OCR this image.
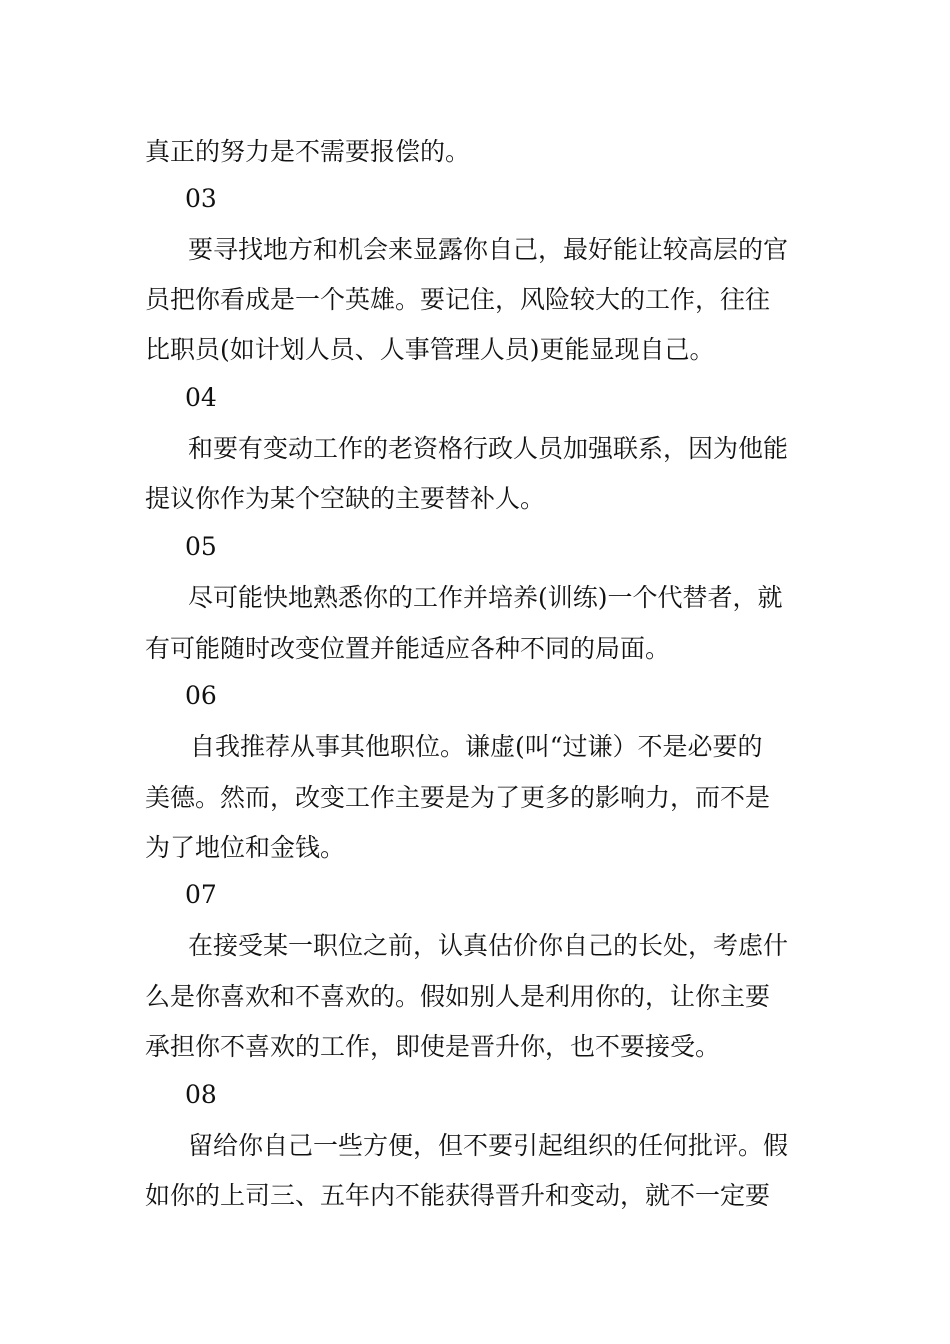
真正的努力是不需要报偿的。
03
要寻找地方和机会来显露你自己，最好能让较高层的官
员把你看成是一个英雄。要记住，风险较大的工作，往往
比职员(如计划人员、人事管理人员)更能显现自己。
04
和要有变动工作的老资格行政人员加强联系，因为他能
提议你作为某个空缺的主要替补人。
05
尽可能快地熟悉你的工作并培养(训练)一个代替者，就
有可能随时改变位置并能适应各种不同的局面。
06
自我推荐从事其他职位。谦虚(叫“过谦）不是必要的
美德。然而，改变工作主要是为了更多的影响力，而不是
为了地位和金钱。
07
在接受某一职位之前，认真估价你自己的长处，考虑什
么是你喜欢和不喜欢的。假如别人是利用你的，让你主要
承担你不喜欢的工作，即使是晋升你，也不要接受。
08
留给你自己一些方便，但不要引起组织的任何批评。假
如你的上司三、五年内不能获得晋升和变动，就不一定要
